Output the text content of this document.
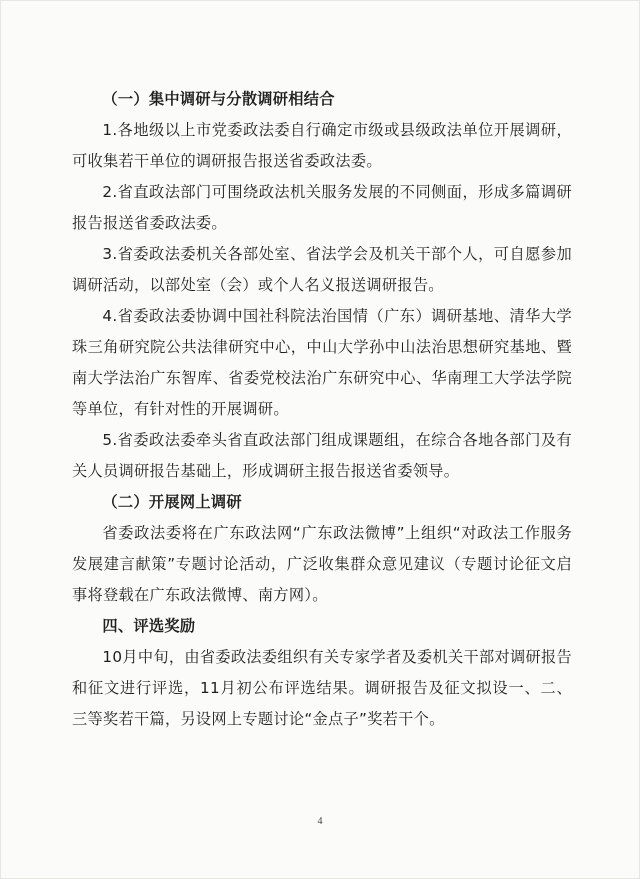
（一）集中调研与分散调研相结合

1.各地级以上市党委政法委自行确定市级或县级政法单位开展调研，可收集若干单位的调研报告报送省委政法委。

2.省直政法部门可围绕政法机关服务发展的不同侧面，形成多篇调研报告报送省委政法委。

3.省委政法委机关各部处室、省法学会及机关干部个人，可自愿参加调研活动，以部处室（会）或个人名义报送调研报告。

4.省委政法委协调中国社科院法治国情（广东）调研基地、清华大学珠三角研究院公共法律研究中心，中山大学孙中山法治思想研究基地、暨南大学法治广东智库、省委党校法治广东研究中心、华南理工大学法学院等单位，有针对性的开展调研。

5.省委政法委牵头省直政法部门组成课题组，在综合各地各部门及有关人员调研报告基础上，形成调研主报告报送省委领导。

（二）开展网上调研

省委政法委将在广东政法网“广东政法微博”上组织“对政法工作服务发展建言献策”专题讨论活动，广泛收集群众意见建议（专题讨论征文启事将登载在广东政法微博、南方网）。

四、评选奖励

10月中旬，由省委政法委组织有关专家学者及委机关干部对调研报告和征文进行评选，11月初公布评选结果。调研报告及征文拟设一、二、三等奖若干篇，另设网上专题讨论“金点子”奖若干个。

4
